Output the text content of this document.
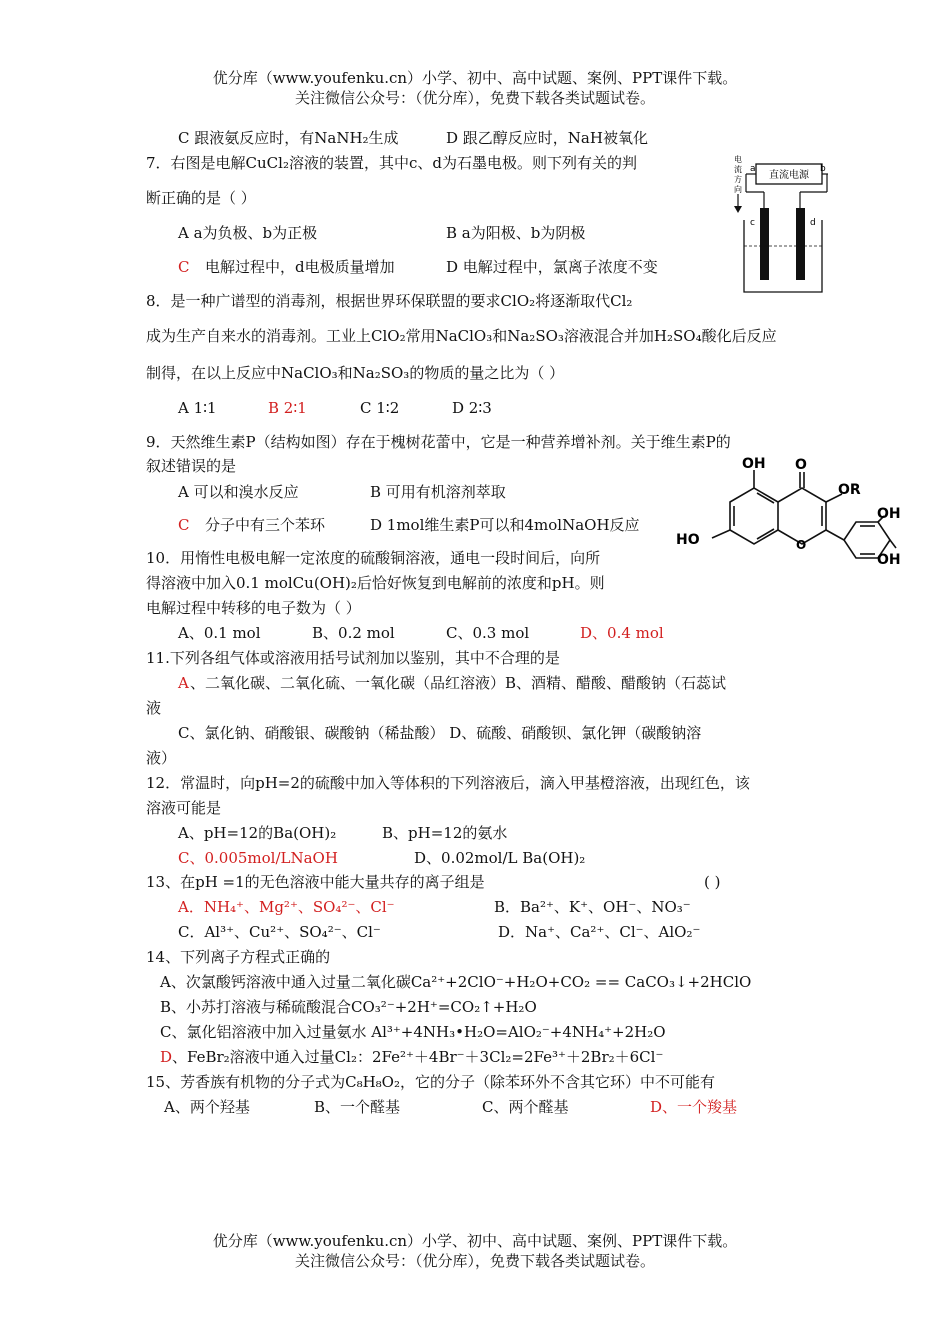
优分库（www.youfenku.cn）小学、初中、高中试题、案例、PPT课件下载。
关注微信公众号：（优分库），免费下载各类试题试卷。
C 跟液氨反应时，有NaNH₂生成	D 跟乙醇反应时，NaH被氧化
7．右图是电解CuCl₂溶液的装置，其中c、d为石墨电极。则下列有关的判
断正确的是（ ）
A a为负极、b为正极	B a为阳极、b为阴极
C 电解过程中，d电极质量增加	D 电解过程中，氯离子浓度不变
直流电源
a	b
电
流
方
向
c	d
8．是一种广谱型的消毒剂，根据世界环保联盟的要求ClO₂将逐渐取代Cl₂
成为生产自来水的消毒剂。工业上ClO₂常用NaClO₃和Na₂SO₃溶液混合并加H₂SO₄酸化后反应
制得，在以上反应中NaClO₃和Na₂SO₃的物质的量之比为（ ）
A 1∶1	B 2∶1	C 1∶2	D 2∶3
9．天然维生素P（结构如图）存在于槐树花蕾中，它是一种营养增补剂。关于维生素P的
叙述错误的是
A 可以和溴水反应	B 可用有机溶剂萃取
C 分子中有三个苯环	D 1mol维生素P可以和4molNaOH反应
OH O
OR
HO	O
OH
OH
10．用惰性电极电解一定浓度的硫酸铜溶液，通电一段时间后，向所
得溶液中加入0.1 molCu(OH)₂后恰好恢复到电解前的浓度和pH。则
电解过程中转移的电子数为（ ）
A、0.1 mol	B、0.2 mol	C、0.3 mol	D、0.4 mol
11.下列各组气体或溶液用括号试剂加以鉴别，其中不合理的是
A 、二氧化碳、二氧化硫、一氧化碳（品红溶液）B、酒精、醋酸、醋酸钠（石蕊试
液
C、氯化钠、硝酸银、碳酸钠（稀盐酸） D、硫酸、硝酸钡、氯化钾（碳酸钠溶
液）
12．常温时，向pH=2的硫酸中加入等体积的下列溶液后，滴入甲基橙溶液，出现红色，该
溶液可能是
A、pH=12的Ba(OH)₂	B、pH=12的氨水
C、0.005mol/LNaOH	D、0.02mol/L Ba(OH)₂
13、在pH =1的无色溶液中能大量共存的离子组是	( )
A．NH₄⁺、Mg²⁺、SO₄²⁻、Cl⁻	B．Ba²⁺、K⁺、OH⁻、NO₃⁻
C．Al³⁺、Cu²⁺、SO₄²⁻、Cl⁻	D．Na⁺、Ca²⁺、Cl⁻、AlO₂⁻
14、下列离子方程式正确的
A、次氯酸钙溶液中通入过量二氧化碳Ca²⁺+2ClO⁻+H₂O+CO₂ == CaCO₃↓+2HClO
B、小苏打溶液与稀硫酸混合CO₃²⁻+2H⁺=CO₂↑+H₂O
C、氯化铝溶液中加入过量氨水 Al³⁺+4NH₃•H₂O=AlO₂⁻+4NH₄⁺+2H₂O
D 、FeBr₂溶液中通入过量Cl₂：2Fe²⁺＋4Br⁻＋3Cl₂=2Fe³⁺＋2Br₂＋6Cl⁻
15、芳香族有机物的分子式为C₈H₈O₂，它的分子（除苯环外不含其它环）中不可能有
A、两个羟基	B、一个醛基	C、两个醛基	D、一个羧基
优分库（www.youfenku.cn）小学、初中、高中试题、案例、PPT课件下载。
关注微信公众号：（优分库），免费下载各类试题试卷。
